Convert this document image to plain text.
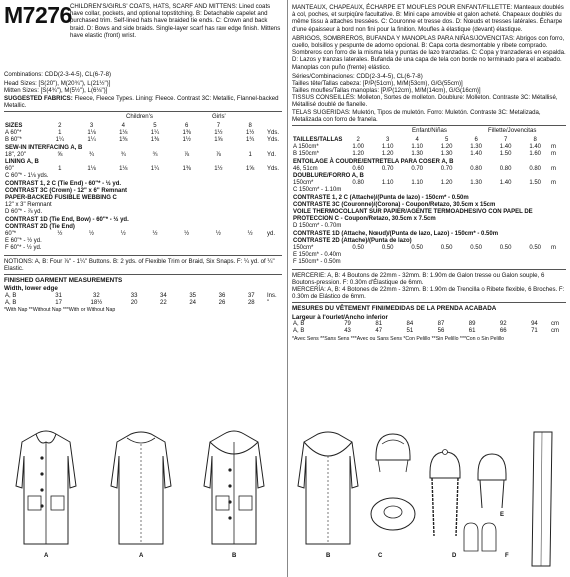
M7276
CHILDREN'S/GIRLS' COATS, HATS, SCARF AND MITTENS: Lined coats have collar, pockets, and optional topstitching. B: Detachable capelet and purchased trim. Self-lined hats have braided tie ends. C: Crown and back braid. D: Bows and side braids. Single-layer scarf has raw edge finish. Mittens have elastic (front) wrist.
Combinations: CDD(2-3-4-5), CL(6-7-8)
Head Sizes: [S(20"), M(20¾"), L(21½")]
Mitten Sizes: [S(4¾"), M(5½"), L(6⅛")]
SUGGESTED FABRICS: Fleece, Fleece Types. Lining: Fleece. Contrast 3C: Metallic, Flannel-backed Metallic.
Children's	Girls'
SIZES	2	3	4	5	6	7	8	
A 60"*	1	1⅛	1⅛	1¼	1⅜	1½	1½	Yds.
B 60"*	1¼	1¼	1⅜	1⅜	1½	1⅝	1¾	Yds.
SEW-IN INTERFACING A, B								
18", 20"	⅝	¾	¾	¾	⅞	⅞	1	Yd.
LINING A, B								
60"	1	1⅛	1⅛	1¼	1⅜	1½	1⅝	Yds.
C 60"* - 1⅛ yds.								
CONTRAST 1, 2 C (Tie End) - 60"* - ½ yd.								
CONTRAST 3C (Crown) - 12" x 6" Remnant								
PAPER-BACKED FUSIBLE WEBBING C								
12" x 3" Remnant								
D 60"* - ⅞ yd.								
CONTRAST 1D (Tie End, Bow) - 60"* - ½ yd.								
CONTRAST 2D (Tie End)								
60"*	½	½	½	½	½	½	½	yd.
E 60"* - ½ yd.								
F 60"* - ½ yd.								
NOTIONS: A, B: Four ⅞" - 1¼" Buttons. B: 2 yds. of Flexible Trim or Braid, Six Snaps. F: ¼ yd. of ¼" Elastic.
FINISHED GARMENT MEASUREMENTS
Width, lower edge
A, B	31	32	33	34	35	36	37	Ins.
A, B	17	18½	20	22	24	26	28	"
*With Nap **Without Nap ***With or Without Nap
MANTEAUX, CHAPEAUX, ÉCHARPE ET MOUFLES POUR ENFANT/FILLETTE: Manteaux doublés à col, poches, et surpiqûre facultative. B: Mini cape amovible et galon acheté. Chapeaux doublés du même tissu à attaches tressées. C: Couronne et tresse dos. D: Nœuds et tresses latérales. Écharpe d'une épaisseur à bord non fini pour la finition. Moufles à élastique (devant) élastique.
ABRIGOS, SOMBREROS, BUFANDA Y MANOPLAS PARA NIÑAS/JOVENCITAS: Abrigos con forro, cuello, bolsillos y pespunte de adorno opcional. B: Capa corta desmontable y ribete comprado. Sombreros con forro de la misma tela y puntas de lazo tranzadas. C: Copa y tranzaderas en espalda. D: Lazos y tranzas laterales. Bufanda de una capa de tela con borde no terminado para el acabado. Manoplas con puño (frente) elástico.
Séries/Combinaciones: CDD(2-3-4-5), CL(6-7-8)
Tailles tête/Tallas cabeza: [P/P(51cm), M/M(53cm), G/G(55cm)]
Tailles moufles/Tallas manoplas: [P/P(12cm), M/M(14cm), G/G(16cm)]
TISSUS CONSEILLÉS: Molleton, Sortes de molleton. Doublure: Molleton. Contraste 3C: Métallisé, Métallisé doublé de flanelle.
TELAS SUGERIDAS: Muletón, Tipos de muletón. Forro: Muletón. Contraste 3C: Metalizada, Metalizada con forro de franela.
Enfant/Niñas	Fillette/Jovencitas
TAILLES/TALLAS	2	3	4	5	6	7	8	
A 150cm*	1.00	1.10	1.10	1.20	1.30	1.40	1.40	m
B 150cm*	1.20	1.20	1.30	1.30	1.40	1.50	1.60	m
ENTOILAGE À COUDRE/ENTRETELA PARA COSER A, B								
46, 51cm	0.60	0.70	0.70	0.70	0.80	0.80	0.80	m
DOUBLURE/FORRO A, B								
150cm*	0.80	1.10	1.10	1.20	1.30	1.40	1.50	m
C 150cm* - 1.10m								
CONTRASTE 1, 2 C (Attache)/(Punta de lazo) - 150cm* - 0.50m								
CONTRASTE 3C (Couronne)/(Corona) - Coupon/Retazo, 30.5cm x 15cm								
VOILE THERMOCOLLANT SUR PAPIER/AGENTE TERMOADHESIVO CON PAPEL DE PROTECCION C - Coupon/Retazo, 30.5cm x 7.5cm								
D 150cm* - 0.70m								
CONTRASTE 1D (Attache, Nœud)/(Punta de lazo, Lazo) - 150cm* - 0.50m								
CONTRASTE 2D (Attache)/(Punta de lazo)								
150cm*	0.50	0.50	0.50	0.50	0.50	0.50	0.50	m
E 150cm* - 0.40m								
F 150cm* - 0.50m								
MERCERIE: A, B: 4 Boutons de 22mm - 32mm. B: 1.90m de Galon tresse ou Galon souple, 6 Boutons-pression. F: 0.30m d'Élastique de 6mm.
MERCERÍA: A, B: 4 Botones de 22mm - 32mm. B: 1.90m de Trencilla o Ribete flexible, 6 Broches. F: 0.30m de Elástico de 6mm.
MESURES DU VÊTEMENT FINI/MEDIDAS DE LA PRENDA ACABADA
Largeur à l'ourlet/Ancho inferior
A, B	79	81	84	87	89	92	94	cm
A, B	43	47	51	56	61	66	71	cm
*Avec Sens **Sans Sens ***Avec ou Sans Sens *Con Pelillo **Sin Pelillo ***Con o Sin Pelillo
A	A	B	B	C	D
E
F
